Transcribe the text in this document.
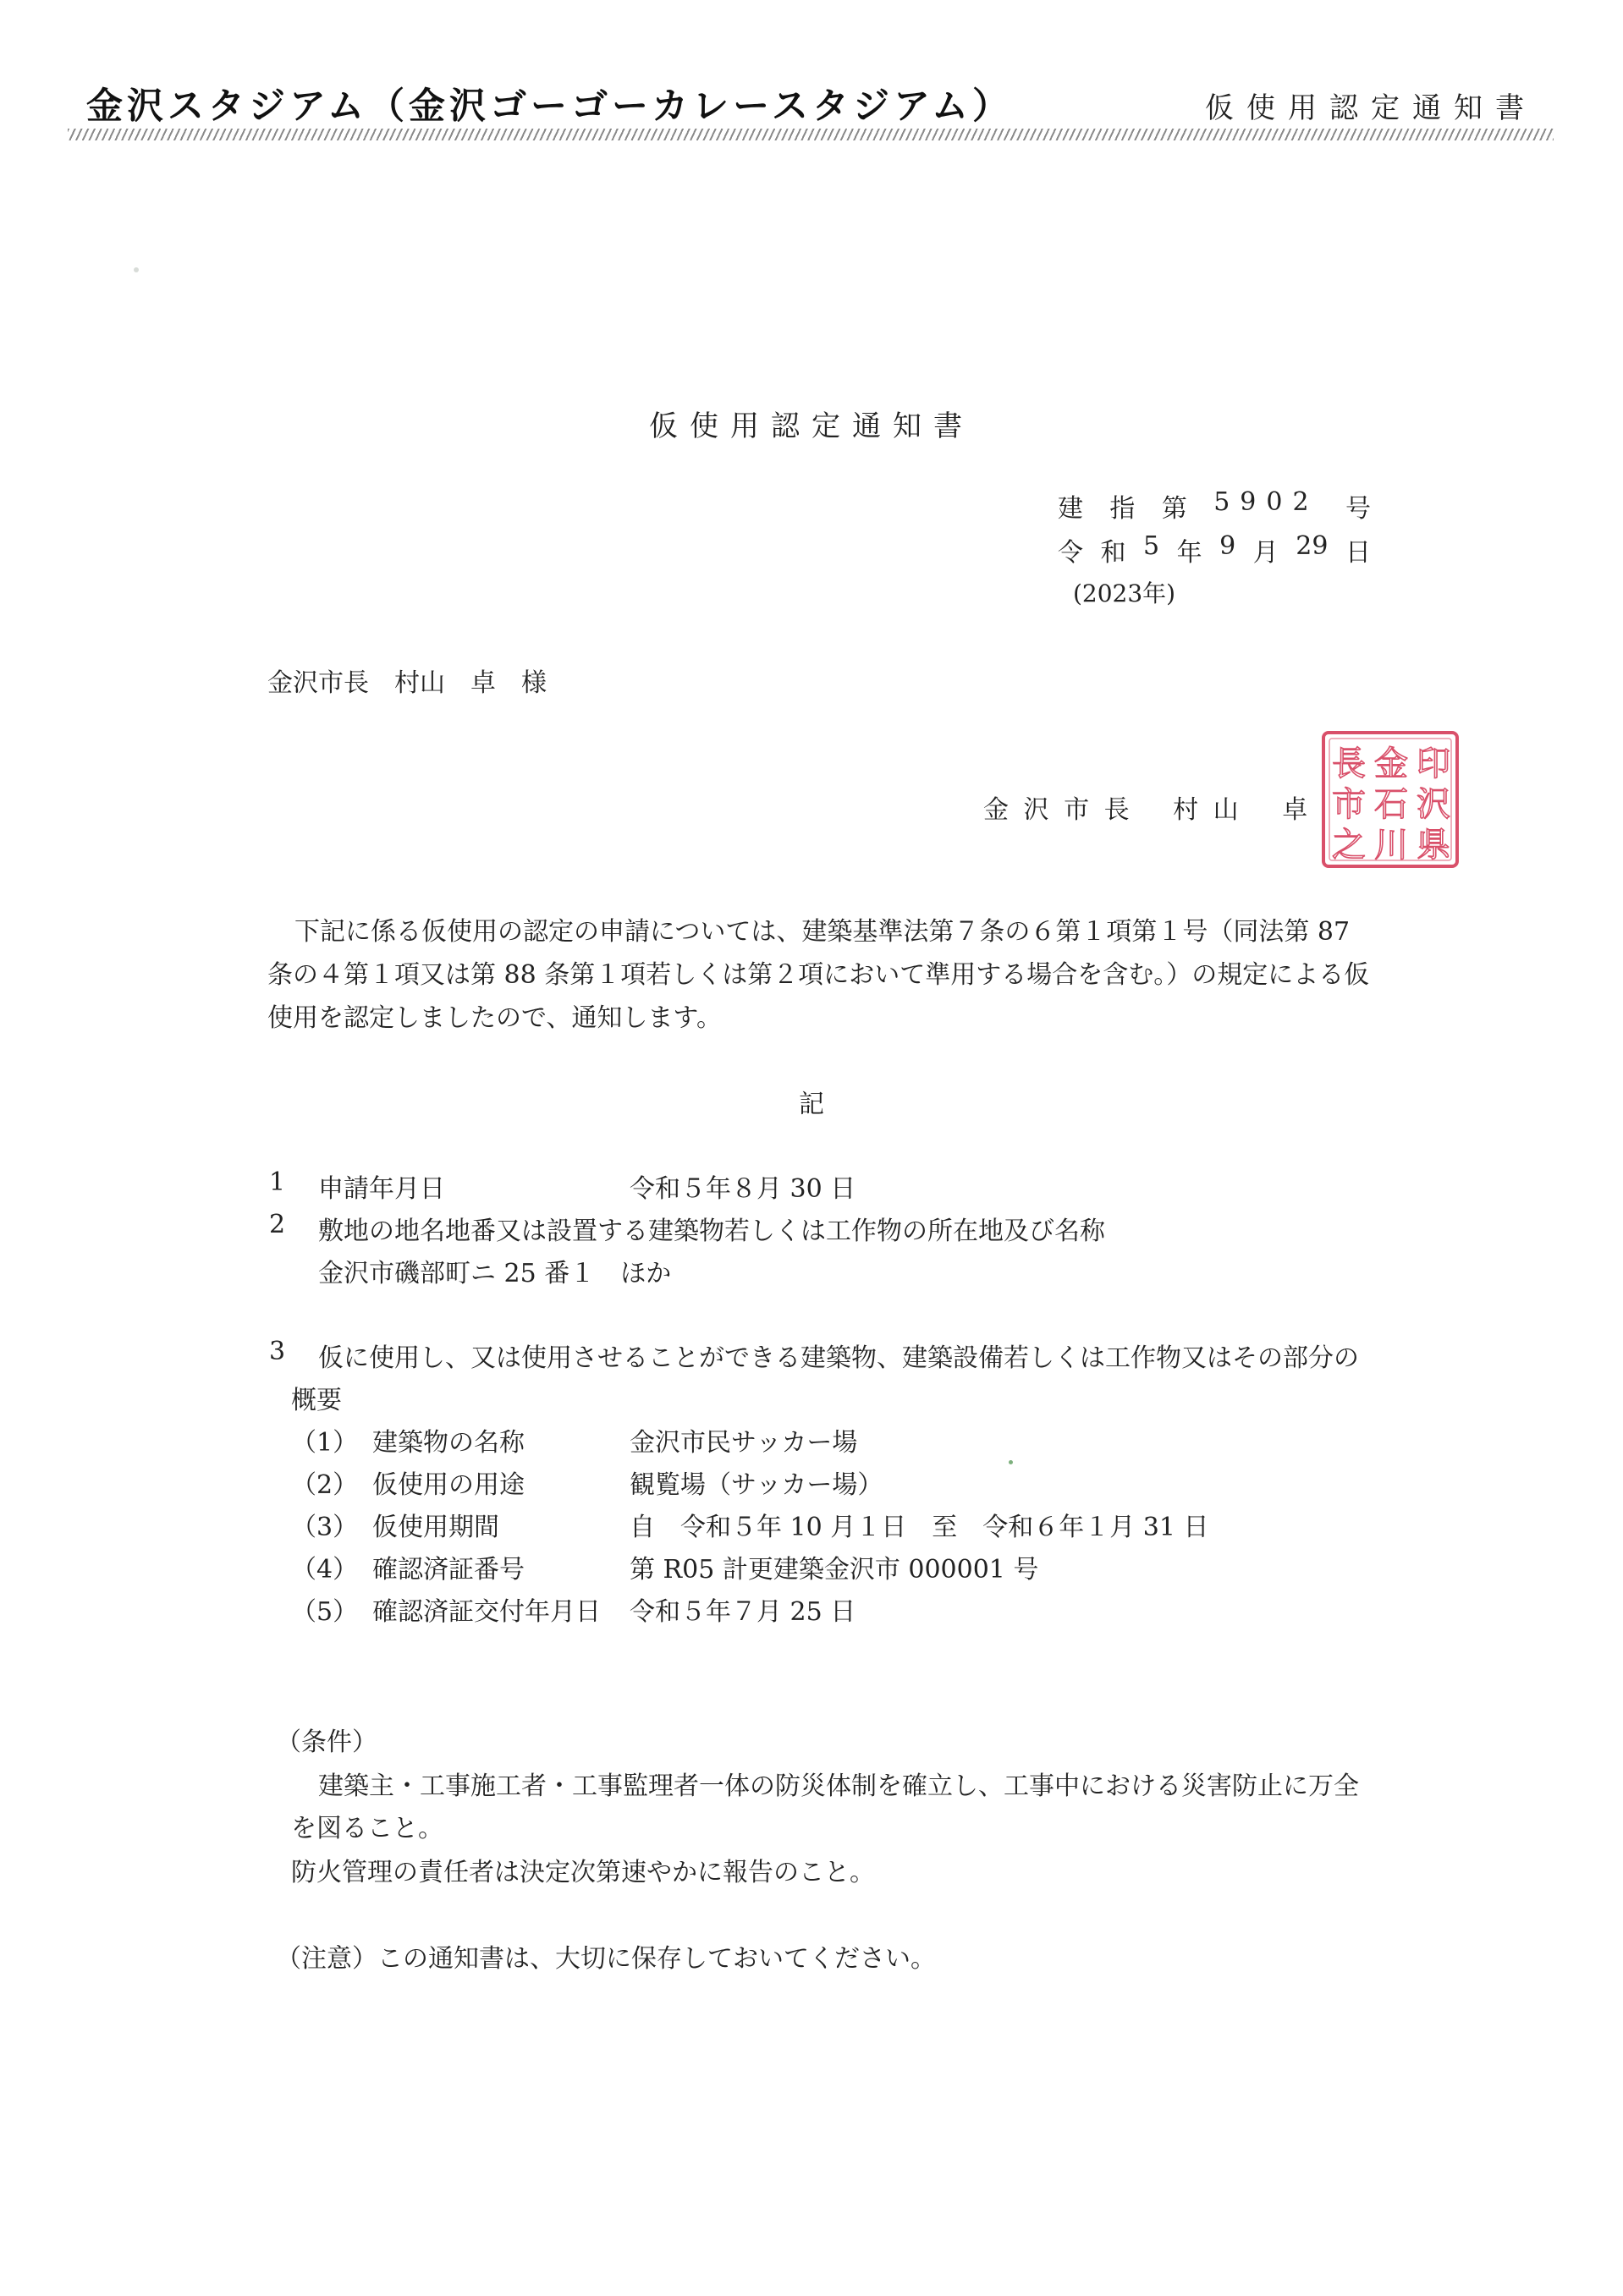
金沢スタジアム（金沢ゴーゴーカレースタジアム）	仮使用認定通知書
仮使用認定通知書
建 指 第 5902 号
令 和 5 年 9 月 29 日
(2023年)
金沢市長　村山　卓　様
金 沢 市 長　 村 山　 卓
印
金
長
沢
石
市
県
川
之
下記に係る仮使用の認定の申請については、建築基準法第７条の６第１項第１号（同法第 87 条の４第１項又は第 88 条第１項若しくは第２項において準用する場合を含む。）の規定による仮使用を認定しましたので、通知します。
記
1 申請年月日	令和５年８月 30 日
2 敷地の地名地番又は設置する建築物若しくは工作物の所在地及び名称
金沢市磯部町ニ 25 番１　ほか
3 仮に使用し、又は使用させることができる建築物、建築設備若しくは工作物又はその部分の
概要
（1） 建築物の名称	金沢市民サッカー場
（2） 仮使用の用途	観覧場（サッカー場）
（3） 仮使用期間	自　令和５年 10 月１日　至　令和６年１月 31 日
（4） 確認済証番号	第 R05 計更建築金沢市 000001 号
（5） 確認済証交付年月日 令和５年７月 25 日
（条件）
建築主・工事施工者・工事監理者一体の防災体制を確立し、工事中における災害防止に万全
を図ること。
防火管理の責任者は決定次第速やかに報告のこと。
（注意）この通知書は、大切に保存しておいてください。
